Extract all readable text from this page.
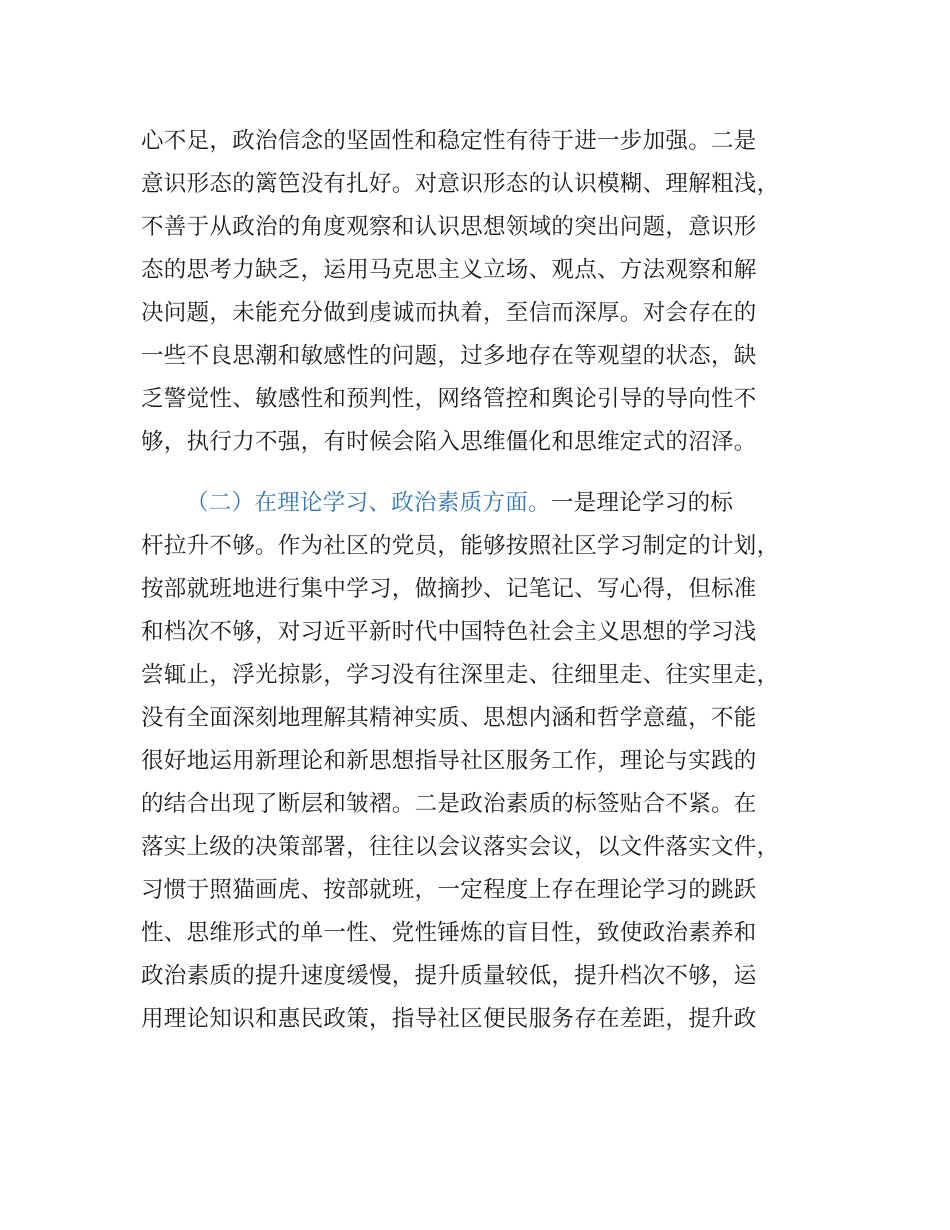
心不足，政治信念的坚固性和稳定性有待于进一步加强。二是
意识形态的篱笆没有扎好。对意识形态的认识模糊、理解粗浅，
不善于从政治的角度观察和认识思想领域的突出问题，意识形
态的思考力缺乏，运用马克思主义立场、观点、方法观察和解
决问题，未能充分做到虔诚而执着，至信而深厚。对会存在的
一些不良思潮和敏感性的问题，过多地存在等观望的状态，缺
乏警觉性、敏感性和预判性，网络管控和舆论引导的导向性不
够，执行力不强，有时候会陷入思维僵化和思维定式的沼泽。
（二）在理论学习、政治素质方面。一是理论学习的标
杆拉升不够。作为社区的党员，能够按照社区学习制定的计划，
按部就班地进行集中学习，做摘抄、记笔记、写心得，但标准
和档次不够，对习近平新时代中国特色社会主义思想的学习浅
尝辄止，浮光掠影，学习没有往深里走、往细里走、往实里走，
没有全面深刻地理解其精神实质、思想内涵和哲学意蕴，不能
很好地运用新理论和新思想指导社区服务工作，理论与实践的
的结合出现了断层和皱褶。二是政治素质的标签贴合不紧。在
落实上级的决策部署，往往以会议落实会议，以文件落实文件，
习惯于照猫画虎、按部就班，一定程度上存在理论学习的跳跃
性、思维形式的单一性、党性锤炼的盲目性，致使政治素养和
政治素质的提升速度缓慢，提升质量较低，提升档次不够，运
用理论知识和惠民政策，指导社区便民服务存在差距，提升政
